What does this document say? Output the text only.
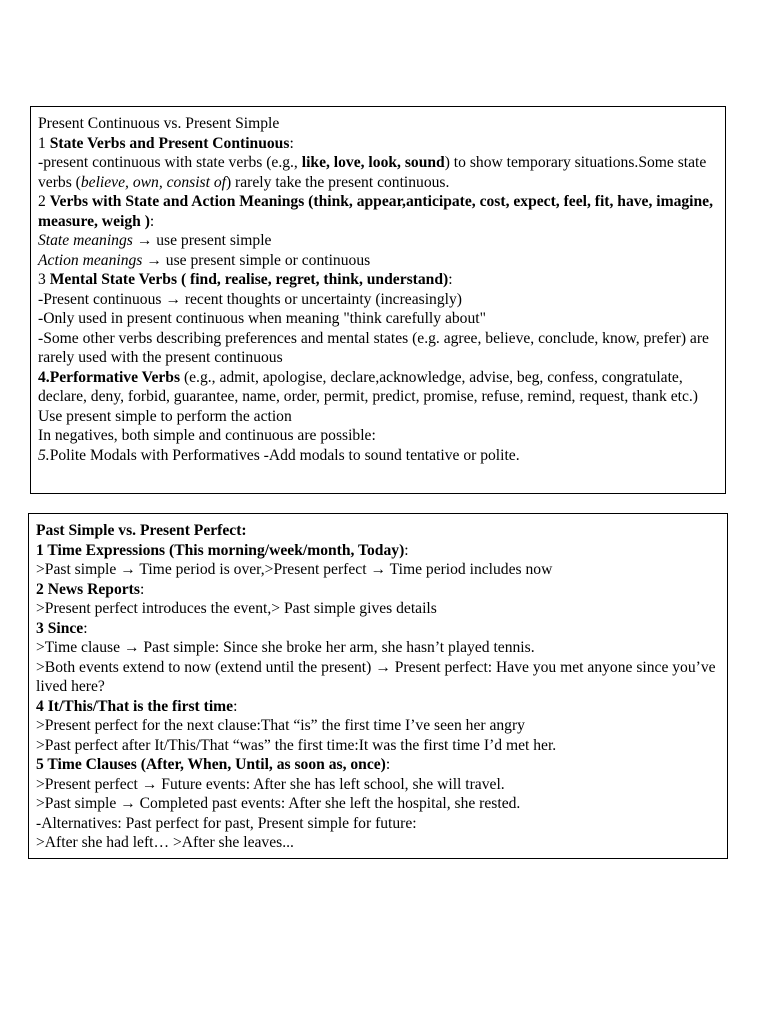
Present Continuous vs. Present Simple
1 State Verbs and Present Continuous:
-present continuous with state verbs (e.g., like, love, look, sound) to show temporary situations.Some state verbs (believe, own, consist of) rarely take the present continuous.
2 Verbs with State and Action Meanings (think, appear,anticipate, cost, expect, feel, fit, have, imagine, measure, weigh ):
State meanings → use present simple
Action meanings → use present simple or continuous
3 Mental State Verbs ( find, realise, regret, think, understand):
-Present continuous → recent thoughts or uncertainty (increasingly)
-Only used in present continuous when meaning "think carefully about"
-Some other verbs describing preferences and mental states (e.g. agree, believe, conclude, know, prefer) are rarely used with the present continuous
4.Performative Verbs (e.g., admit, apologise, declare,acknowledge, advise, beg, confess, congratulate, declare, deny, forbid, guarantee, name, order, permit, predict, promise, refuse, remind, request, thank etc.)
Use present simple to perform the action
In negatives, both simple and continuous are possible:
5.Polite Modals with Performatives -Add modals to sound tentative or polite.
Past Simple vs. Present Perfect:
1 Time Expressions (This morning/week/month, Today):
>Past simple → Time period is over,>Present perfect → Time period includes now
2 News Reports:
>Present perfect introduces the event,> Past simple gives details
3 Since:
>Time clause → Past simple: Since she broke her arm, she hasn’t played tennis.
>Both events extend to now (extend until the present) → Present perfect: Have you met anyone since you’ve lived here?
4 It/This/That is the first time:
>Present perfect for the next clause:That “is” the first time I’ve seen her angry
>Past perfect after It/This/That “was” the first time:It was the first time I’d met her.
5 Time Clauses (After, When, Until, as soon as, once):
>Present perfect → Future events: After she has left school, she will travel.
>Past simple → Completed past events: After she left the hospital, she rested.
-Alternatives: Past perfect for past, Present simple for future:
>After she had left… >After she leaves...
